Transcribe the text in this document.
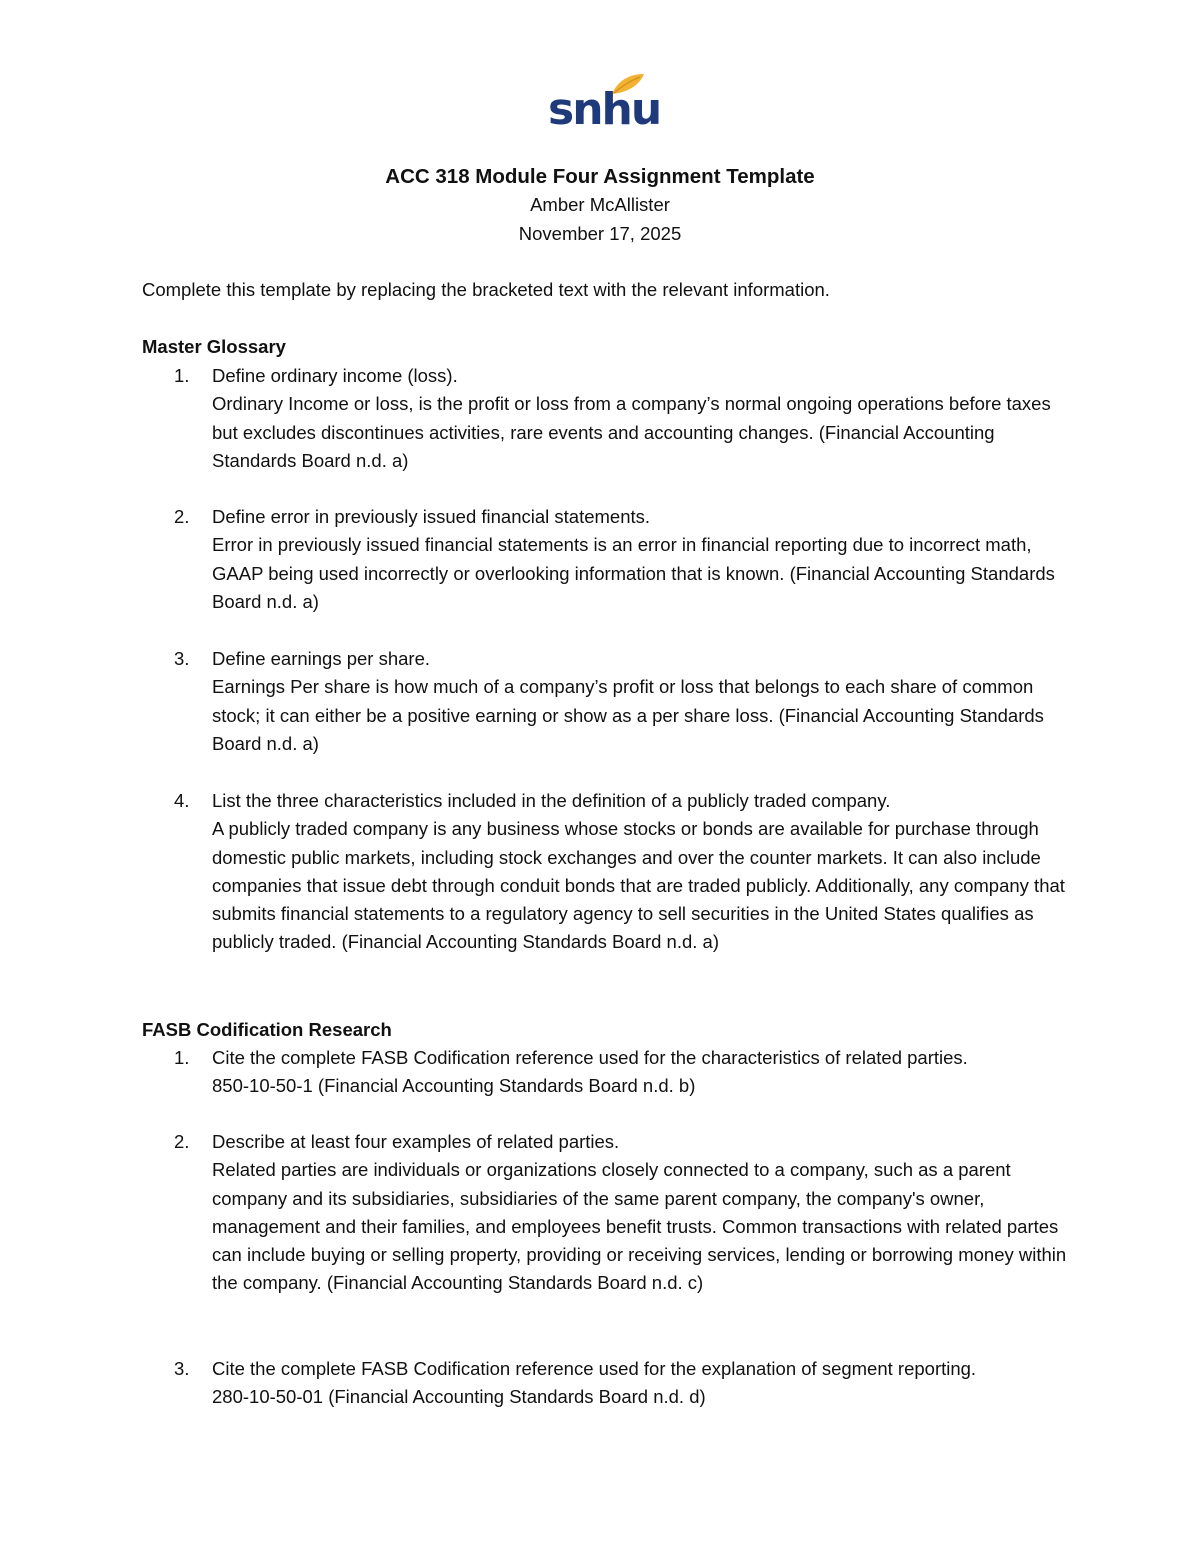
snhu
ACC 318 Module Four Assignment Template
Amber McAllister
November 17, 2025
Complete this template by replacing the bracketed text with the relevant information.
Master Glossary
1. Define ordinary income (loss).
Ordinary Income or loss, is the profit or loss from a company’s normal ongoing operations before taxes but excludes discontinues activities, rare events and accounting changes. (Financial Accounting Standards Board n.d. a)
2. Define error in previously issued financial statements.
Error in previously issued financial statements is an error in financial reporting due to incorrect math, GAAP being used incorrectly or overlooking information that is known. (Financial Accounting Standards Board n.d. a)
3. Define earnings per share.
Earnings Per share is how much of a company’s profit or loss that belongs to each share of common stock; it can either be a positive earning or show as a per share loss. (Financial Accounting Standards Board n.d. a)
4. List the three characteristics included in the definition of a publicly traded company.
A publicly traded company is any business whose stocks or bonds are available for purchase through domestic public markets, including stock exchanges and over the counter markets. It can also include companies that issue debt through conduit bonds that are traded publicly. Additionally, any company that submits financial statements to a regulatory agency to sell securities in the United States qualifies as publicly traded. (Financial Accounting Standards Board n.d. a)
FASB Codification Research
1. Cite the complete FASB Codification reference used for the characteristics of related parties.
850-10-50-1 (Financial Accounting Standards Board n.d. b)
2. Describe at least four examples of related parties.
Related parties are individuals or organizations closely connected to a company, such as a parent company and its subsidiaries, subsidiaries of the same parent company, the company's owner, management and their families, and employees benefit trusts. Common transactions with related partes can include buying or selling property, providing or receiving services, lending or borrowing money within the company. (Financial Accounting Standards Board n.d. c)
3. Cite the complete FASB Codification reference used for the explanation of segment reporting.
280-10-50-01 (Financial Accounting Standards Board n.d. d)
